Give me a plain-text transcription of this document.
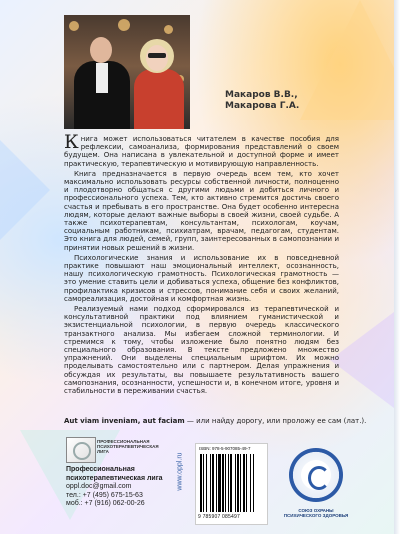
Макаров В.В.,
Макарова Г.А.

Книга может использоваться читателем в качестве пособия для рефлексии, самоанализа, формирования представлений о своем будущем. Она написана в увлекательной и доступной форме и имеет практическую, терапевтическую и мотивирующую направленность.

Книга предназначается в первую очередь всем тем, кто хочет максимально использовать ресурсы собственной личности, полноценно и плодотворно общаться с другими людьми и добиться личного и профессионального успеха. Тем, кто активно стремится достичь своего счастья и пребывать в его пространстве. Она будет особенно интересна людям, которые делают важные выборы в своей жизни, своей судьбе. А также психотерапевтам, консультантам, психологам, коучам, социальным работникам, психиатрам, врачам, педагогам, студентам. Это книга для людей, семей, групп, заинтересованных в самопознании и принятии новых решений в жизни.

Психологические знания и использование их в повседневной практике повышают наш эмоциональный интеллект, осознанность, нашу психологическую грамотность. Психологическая грамотность — это умение ставить цели и добиваться успеха, общение без конфликтов, профилактика кризисов и стрессов, понимание себя и своих желаний, самореализация, достойная и комфортная жизнь.

Реализуемый нами подход сформировался из терапевтической и консультативной практики под влиянием гуманистической и экзистенциальной психологии, в первую очередь классического транзактного анализа. Мы избегаем сложной терминологии. И стремимся к тому, чтобы изложение было понятно людям без специального образования. В тексте предложено множество упражнений. Они выделены специальным шрифтом. Их можно проделывать самостоятельно или с партнером. Делая упражнения и обсуждая их результаты, вы повышаете результативность вашего самопознания, осознанности, успешности и, в конечном итоге, уровня и стабильности в переживании счастья.

Aut viam inveniam, aut faciam — или найду дорогу, или проложу ее сам (лат.).
ПРОФЕССИОНАЛЬНАЯ
ПСИХОТЕРАПЕВТИЧЕСКАЯ
ЛИГА
Профессиональная
психотерапевтическая лига
oppl.doc@gmail.com
тел.: +7 (495) 675-15-63
моб.: +7 (916) 062-00-26
www.oppl.ru
ISBN: 978-5-907085-49-7
9 785907 085497
СОЮЗ ОХРАНЫ
ПСИХИЧЕСКОГО ЗДОРОВЬЯ
